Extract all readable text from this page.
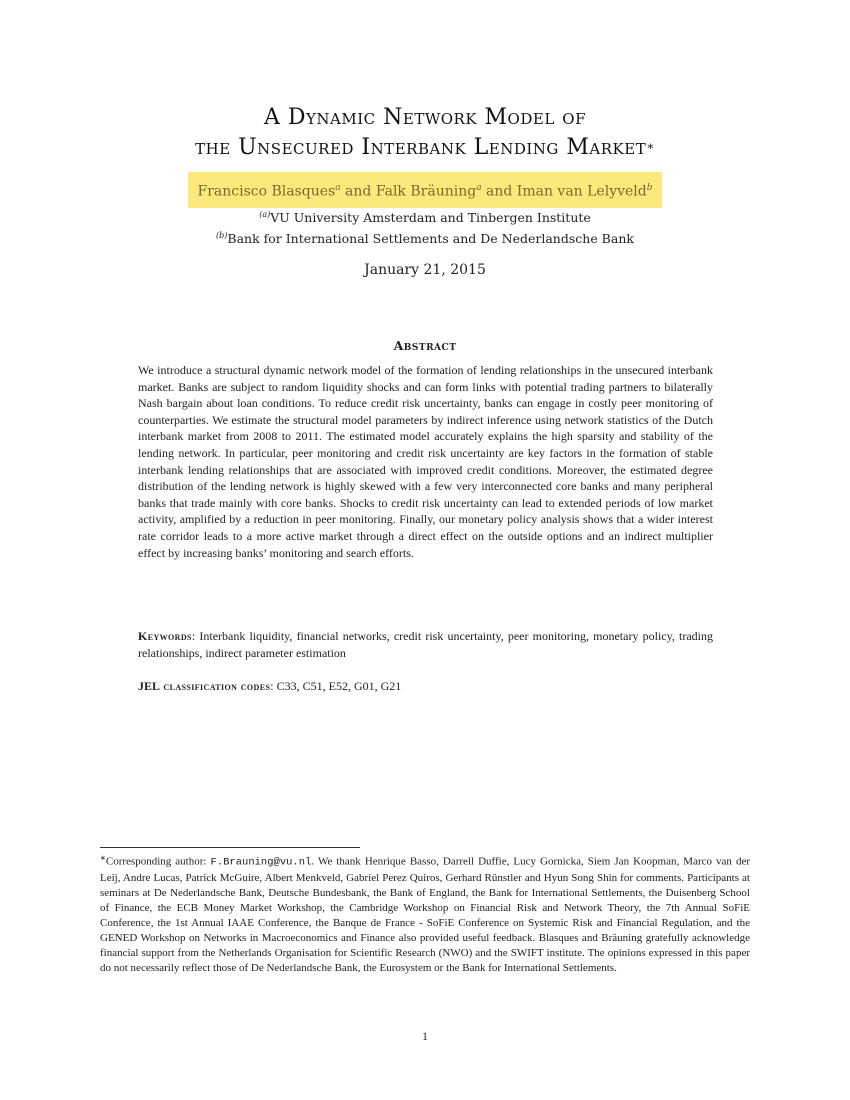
A Dynamic Network Model of
the Unsecured Interbank Lending Market∗
Francisco Blasques$^a$ and Falk Bräuning$^a$ and Iman van Lelyveld$^b$
$^{(a)}$VU University Amsterdam and Tinbergen Institute
$^{(b)}$Bank for International Settlements and De Nederlandsche Bank
January 21, 2015
Abstract
We introduce a structural dynamic network model of the formation of lending relationships in the unsecured interbank market. Banks are subject to random liquidity shocks and can form links with potential trading partners to bilaterally Nash bargain about loan conditions. To reduce credit risk uncertainty, banks can engage in costly peer monitoring of counterparties. We estimate the structural model parameters by indirect inference using network statistics of the Dutch interbank market from 2008 to 2011. The estimated model accurately explains the high sparsity and stability of the lending network. In particular, peer monitoring and credit risk uncertainty are key factors in the formation of stable interbank lending relationships that are associated with improved credit conditions. Moreover, the estimated degree distribution of the lending network is highly skewed with a few very interconnected core banks and many peripheral banks that trade mainly with core banks. Shocks to credit risk uncertainty can lead to extended periods of low market activity, amplified by a reduction in peer monitoring. Finally, our monetary policy analysis shows that a wider interest rate corridor leads to a more active market through a direct effect on the outside options and an indirect multiplier effect by increasing banks’ monitoring and search efforts.
Keywords: Interbank liquidity, financial networks, credit risk uncertainty, peer monitoring, monetary policy, trading relationships, indirect parameter estimation
JEL classification codes: C33, C51, E52, G01, G21
∗Corresponding author: F.Brauning@vu.nl. We thank Henrique Basso, Darrell Duffie, Lucy Gornicka, Siem Jan Koopman, Marco van der Leij, Andre Lucas, Patrick McGuire, Albert Menkveld, Gabriel Perez Quiros, Gerhard Rünstler and Hyun Song Shin for comments. Participants at seminars at De Nederlandsche Bank, Deutsche Bundesbank, the Bank of England, the Bank for International Settlements, the Duisenberg School of Finance, the ECB Money Market Workshop, the Cambridge Workshop on Financial Risk and Network Theory, the 7th Annual SoFiE Conference, the 1st Annual IAAE Conference, the Banque de France - SoFiE Conference on Systemic Risk and Financial Regulation, and the GENED Workshop on Networks in Macroeconomics and Finance also provided useful feedback. Blasques and Bräuning gratefully acknowledge financial support from the Netherlands Organisation for Scientific Research (NWO) and the SWIFT institute. The opinions expressed in this paper do not necessarily reflect those of De Nederlandsche Bank, the Eurosystem or the Bank for International Settlements.
1
